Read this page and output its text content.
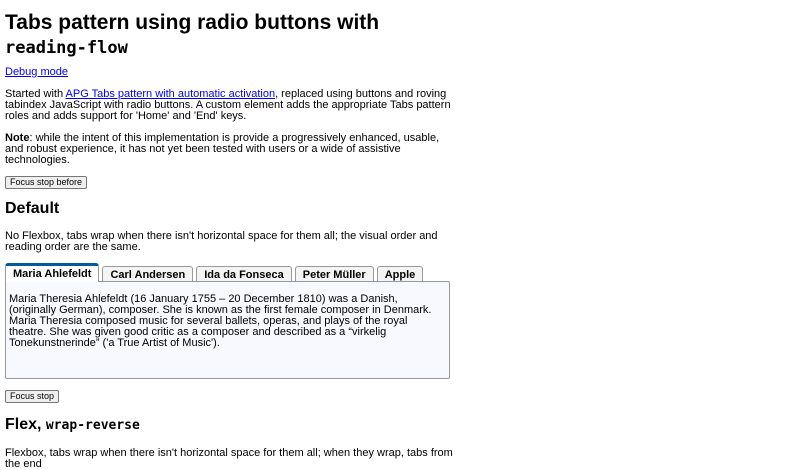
Tabs pattern using radio buttons with reading-flow

Debug mode

Started with APG Tabs pattern with automatic activation, replaced using buttons and roving tabindex JavaScript with radio buttons. A custom element adds the appropriate Tabs pattern roles and adds support for 'Home' and 'End' keys.

Note: while the intent of this implementation is provide a progressively enhanced, usable, and robust experience, it has not yet been tested with users or a wide of assistive technologies.

Focus stop before
Default

No Flexbox, tabs wrap when there isn't horizontal space for them all; the visual order and reading order are the same.

Maria Ahlefeldt	Carl Andersen	Ida da Fonseca	Peter Müller	Apple

Maria Theresia Ahlefeldt (16 January 1755 – 20 December 1810) was a Danish, (originally German), composer. She is known as the first female composer in Denmark. Maria Theresia composed music for several ballets, operas, and plays of the royal theatre. She was given good critic as a composer and described as a “virkelig Tonekunstnerinde” ('a True Artist of Music').

Focus stop
Flex, wrap-reverse

Flexbox, tabs wrap when there isn't horizontal space for them all; when they wrap, tabs from the end
